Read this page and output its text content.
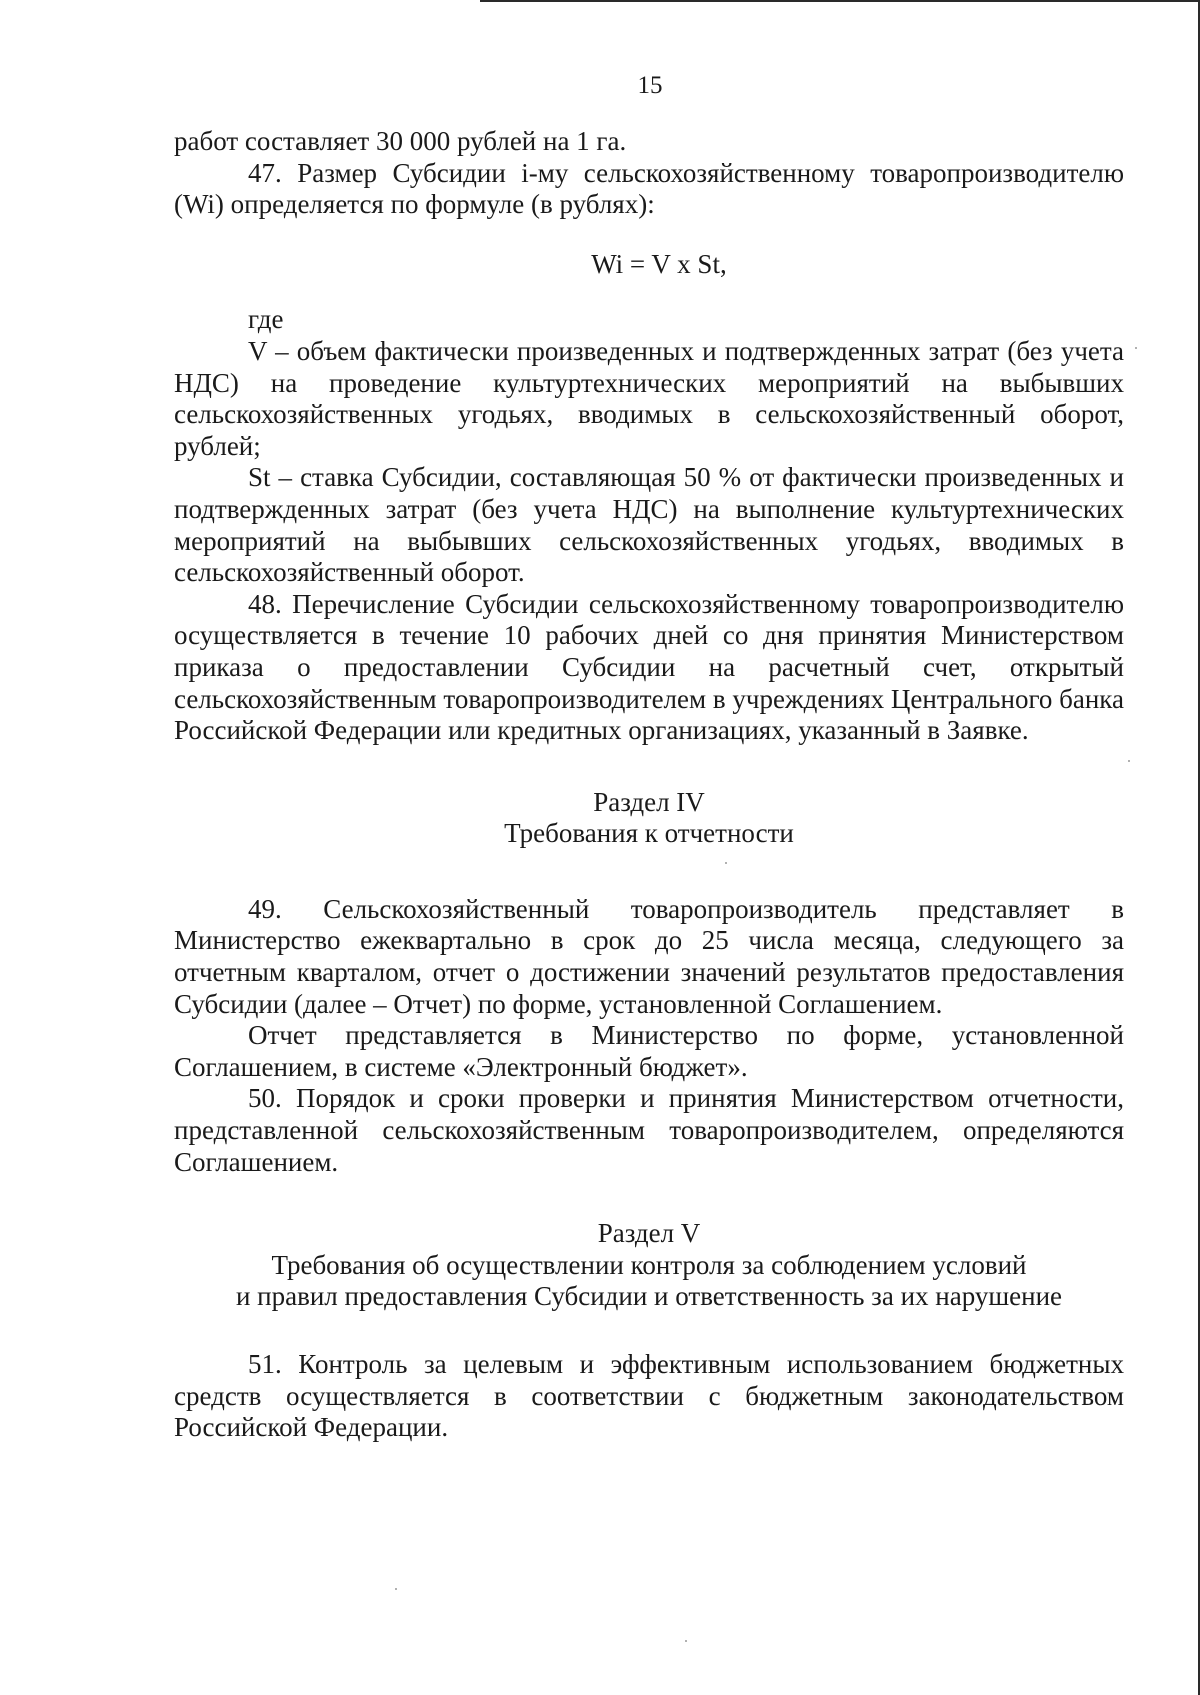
15

работ составляет 30 000 рублей на 1 га.

47. Размер Субсидии i-му сельскохозяйственному товаропроизводителю (Wi) определяется по формуле (в рублях):

Wi = V x St,

где

V – объем фактически произведенных и подтвержденных затрат (без учета НДС) на проведение культуртехнических мероприятий на выбывших сельскохозяйственных угодьях, вводимых в сельскохозяйственный оборот, рублей;

St – ставка Субсидии, составляющая 50 % от фактически произведенных и подтвержденных затрат (без учета НДС) на выполнение культуртехнических мероприятий на выбывших сельскохозяйственных угодьях, вводимых в сельскохозяйственный оборот.

48. Перечисление Субсидии сельскохозяйственному товаропроизводителю осуществляется в течение 10 рабочих дней со дня принятия Министерством приказа о предоставлении Субсидии на расчетный счет, открытый сельскохозяйственным товаропроизводителем в учреждениях Центрального банка Российской Федерации или кредитных организациях, указанный в Заявке.

Раздел IV
Требования к отчетности

49. Сельскохозяйственный товаропроизводитель представляет в Министерство ежеквартально в срок до 25 числа месяца, следующего за отчетным кварталом, отчет о достижении значений результатов предоставления Субсидии (далее – Отчет) по форме, установленной Соглашением.

Отчет представляется в Министерство по форме, установленной Соглашением, в системе «Электронный бюджет».

50. Порядок и сроки проверки и принятия Министерством отчетности, представленной сельскохозяйственным товаропроизводителем, определяются Соглашением.

Раздел V
Требования об осуществлении контроля за соблюдением условий
и правил предоставления Субсидии и ответственность за их нарушение

51. Контроль за целевым и эффективным использованием бюджетных средств осуществляется в соответствии с бюджетным законодательством Российской Федерации.
